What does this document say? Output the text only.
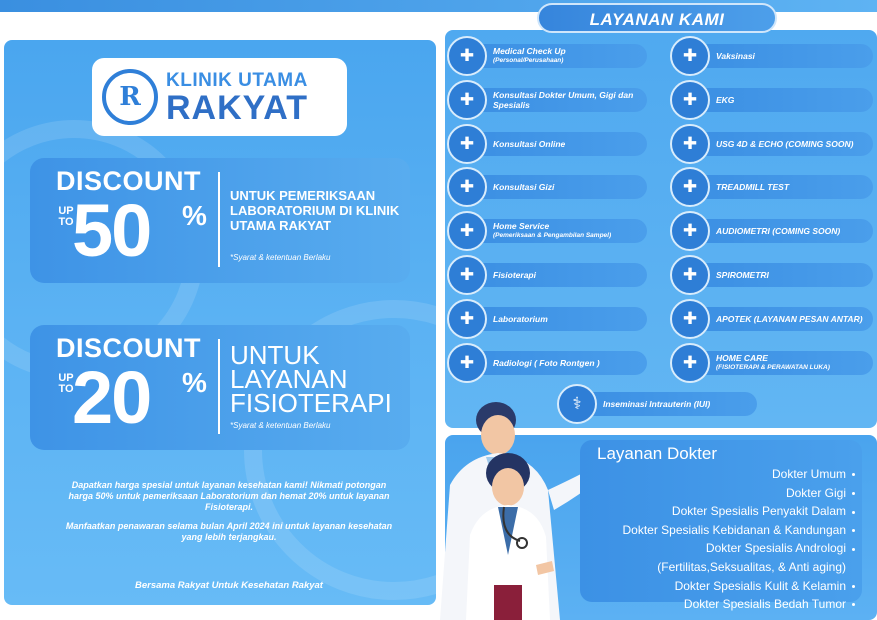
R
KLINIK UTAMA
RAKYAT
DISCOUNT
UP TO
50 %
UNTUK PEMERIKSAAN LABORATORIUM DI KLINIK UTAMA RAKYAT
*Syarat & ketentuan Berlaku
DISCOUNT
UP TO
20 %
UNTUK LAYANAN FISIOTERAPI
*Syarat & ketentuan Berlaku

Dapatkan harga spesial untuk layanan kesehatan kami! Nikmati potongan harga 50% untuk pemeriksaan Laboratorium dan hemat 20% untuk layanan Fisioterapi.

Manfaatkan penawaran selama bulan April 2024 ini untuk layanan kesehatan yang lebih terjangkau.

Bersama Rakyat Untuk Kesehatan Rakyat
LAYANAN KAMI
✚	Medical Check Up
(Personal/Perusahaan)
✚	Konsultasi Dokter Umum, Gigi dan Spesialis
✚	Konsultasi Online
✚	Konsultasi Gizi
✚	Home Service
(Pemeriksaan & Pengambilan Sampel)
✚	Fisioterapi
✚	Laboratorium
✚	Radiologi ( Foto Rontgen )
✚	Vaksinasi
✚	EKG
✚	USG 4D & ECHO (COMING SOON)
✚	TREADMILL TEST
✚	AUDIOMETRI (COMING SOON)
✚	SPIROMETRI
✚	APOTEK (LAYANAN PESAN ANTAR)
✚	HOME CARE
(FISIOTERAPI & PERAWATAN LUKA)
⚕	Inseminasi Intrauterin (IUI)
Layanan Dokter
Dokter Umum
Dokter Gigi
Dokter Spesialis Penyakit Dalam
Dokter Spesialis Kebidanan & Kandungan
Dokter Spesialis Andrologi
(Fertilitas,Seksualitas, & Anti aging)
Dokter Spesialis Kulit & Kelamin
Dokter Spesialis Bedah Tumor
